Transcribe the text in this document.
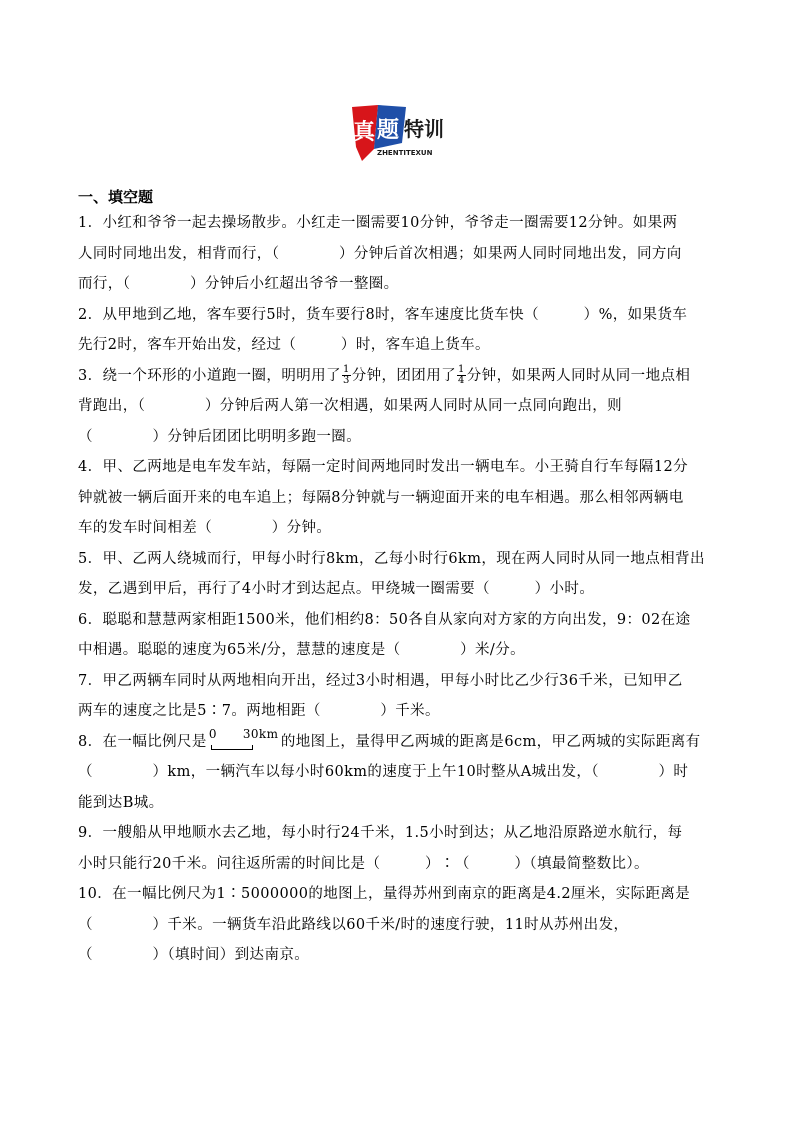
真 题 特训
ZHENTITEXUN
一、填空题
1．小红和爷爷一起去操场散步。小红走一圈需要10分钟，爷爷走一圈需要12分钟。如果两
人同时同地出发，相背而行，（　　　　）分钟后首次相遇；如果两人同时同地出发，同方向
而行，（　　　　）分钟后小红超出爷爷一整圈。
2．从甲地到乙地，客车要行5时，货车要行8时，客车速度比货车快（　　　）%，如果货车
先行2时，客车开始出发，经过（　　　）时，客车追上货车。
3．绕一个环形的小道跑一圈，明明用了 $\frac{1}{3}$ 分钟，团团用了 $\frac{1}{4}$ 分钟，如果两人同时从同一地点相
背跑出，（　　　　）分钟后两人第一次相遇，如果两人同时从同一点同向跑出，则
（　　　　）分钟后团团比明明多跑一圈。
4．甲、乙两地是电车发车站，每隔一定时间两地同时发出一辆电车。小王骑自行车每隔12分
钟就被一辆后面开来的电车追上；每隔8分钟就与一辆迎面开来的电车相遇。那么相邻两辆电
车的发车时间相差（　　　　）分钟。
5．甲、乙两人绕城而行，甲每小时行8km，乙每小时行6km，现在两人同时从同一地点相背出
发，乙遇到甲后，再行了4小时才到达起点。甲绕城一圈需要（　　　）小时。
6．聪聪和慧慧两家相距1500米，他们相约8：50各自从家向对方家的方向出发，9：02在途
中相遇。聪聪的速度为65米/分，慧慧的速度是（　　　　）米/分。
7．甲乙两辆车同时从两地相向开出，经过3小时相遇，甲每小时比乙少行36千米，已知甲乙
两车的速度之比是5∶7。两地相距（　　　　）千米。
8．在一幅比例尺是 0 30km 的地图上，量得甲乙两城的距离是6cm，甲乙两城的实际距离有
（　　　　）km，一辆汽车以每小时60km的速度于上午10时整从A城出发，（　　　　）时
能到达B城。
9．一艘船从甲地顺水去乙地，每小时行24千米，1.5小时到达；从乙地沿原路逆水航行，每
小时只能行20千米。问往返所需的时间比是（　　　）∶（　　　）（填最简整数比）。
10．在一幅比例尺为1∶5000000的地图上，量得苏州到南京的距离是4.2厘米，实际距离是
（　　　　）千米。一辆货车沿此路线以60千米/时的速度行驶，11时从苏州出发，
（　　　　）（填时间）到达南京。
